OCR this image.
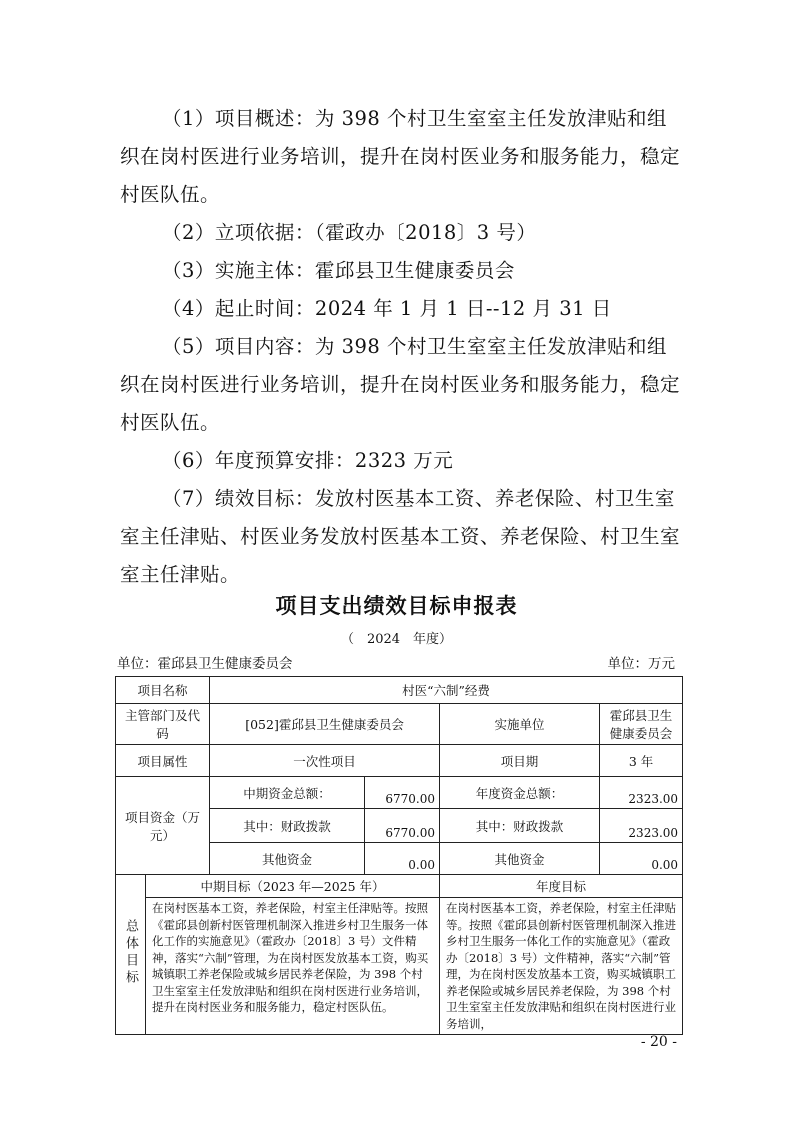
（1）项目概述：为 398 个村卫生室室主任发放津贴和组织在岗村医进行业务培训，提升在岗村医业务和服务能力，稳定村医队伍。

（2）立项依据：（霍政办〔2018〕3 号）

（3）实施主体：霍邱县卫生健康委员会

（4）起止时间：2024 年 1 月 1 日--12 月 31 日

（5）项目内容：为 398 个村卫生室室主任发放津贴和组织在岗村医进行业务培训，提升在岗村医业务和服务能力，稳定村医队伍。

（6）年度预算安排：2323 万元

（7）绩效目标：发放村医基本工资、养老保险、村卫生室室主任津贴、村医业务发放村医基本工资、养老保险、村卫生室室主任津贴。

项目支出绩效目标申报表
（　2024　年度）
单位：霍邱县卫生健康委员会	单位：万元
项目名称		村医“六制”经费			
主管部门及代码		[052]霍邱县卫生健康委员会		实施单位	霍邱县卫生健康委员会
项目属性		一次性项目		项目期	3 年
项目资金（万元）		中期资金总额：	6770.00	年度资金总额：	2323.00
		其中：财政拨款	6770.00	其中：财政拨款	2323.00
		其他资金	0.00	其他资金	0.00
总体目标	中期目标（2023 年—2025 年）			年度目标	
	在岗村医基本工资，养老保险，村室主任津贴等。按照《霍邱县创新村医管理机制深入推进乡村卫生服务一体化工作的实施意见》（霍政办〔2018〕3 号）文件精神，落实“六制”管理，为在岗村医发放基本工资，购买城镇职工养老保险或城乡居民养老保险，为 398 个村卫生室室主任发放津贴和组织在岗村医进行业务培训，提升在岗村医业务和服务能力，稳定村医队伍。			在岗村医基本工资，养老保险，村室主任津贴等。按照《霍邱县创新村医管理机制深入推进乡村卫生服务一体化工作的实施意见》（霍政办〔2018〕3 号）文件精神，落实“六制”管理，为在岗村医发放基本工资，购买城镇职工养老保险或城乡居民养老保险，为 398 个村卫生室室主任发放津贴和组织在岗村医进行业务培训，	
- 20 -
